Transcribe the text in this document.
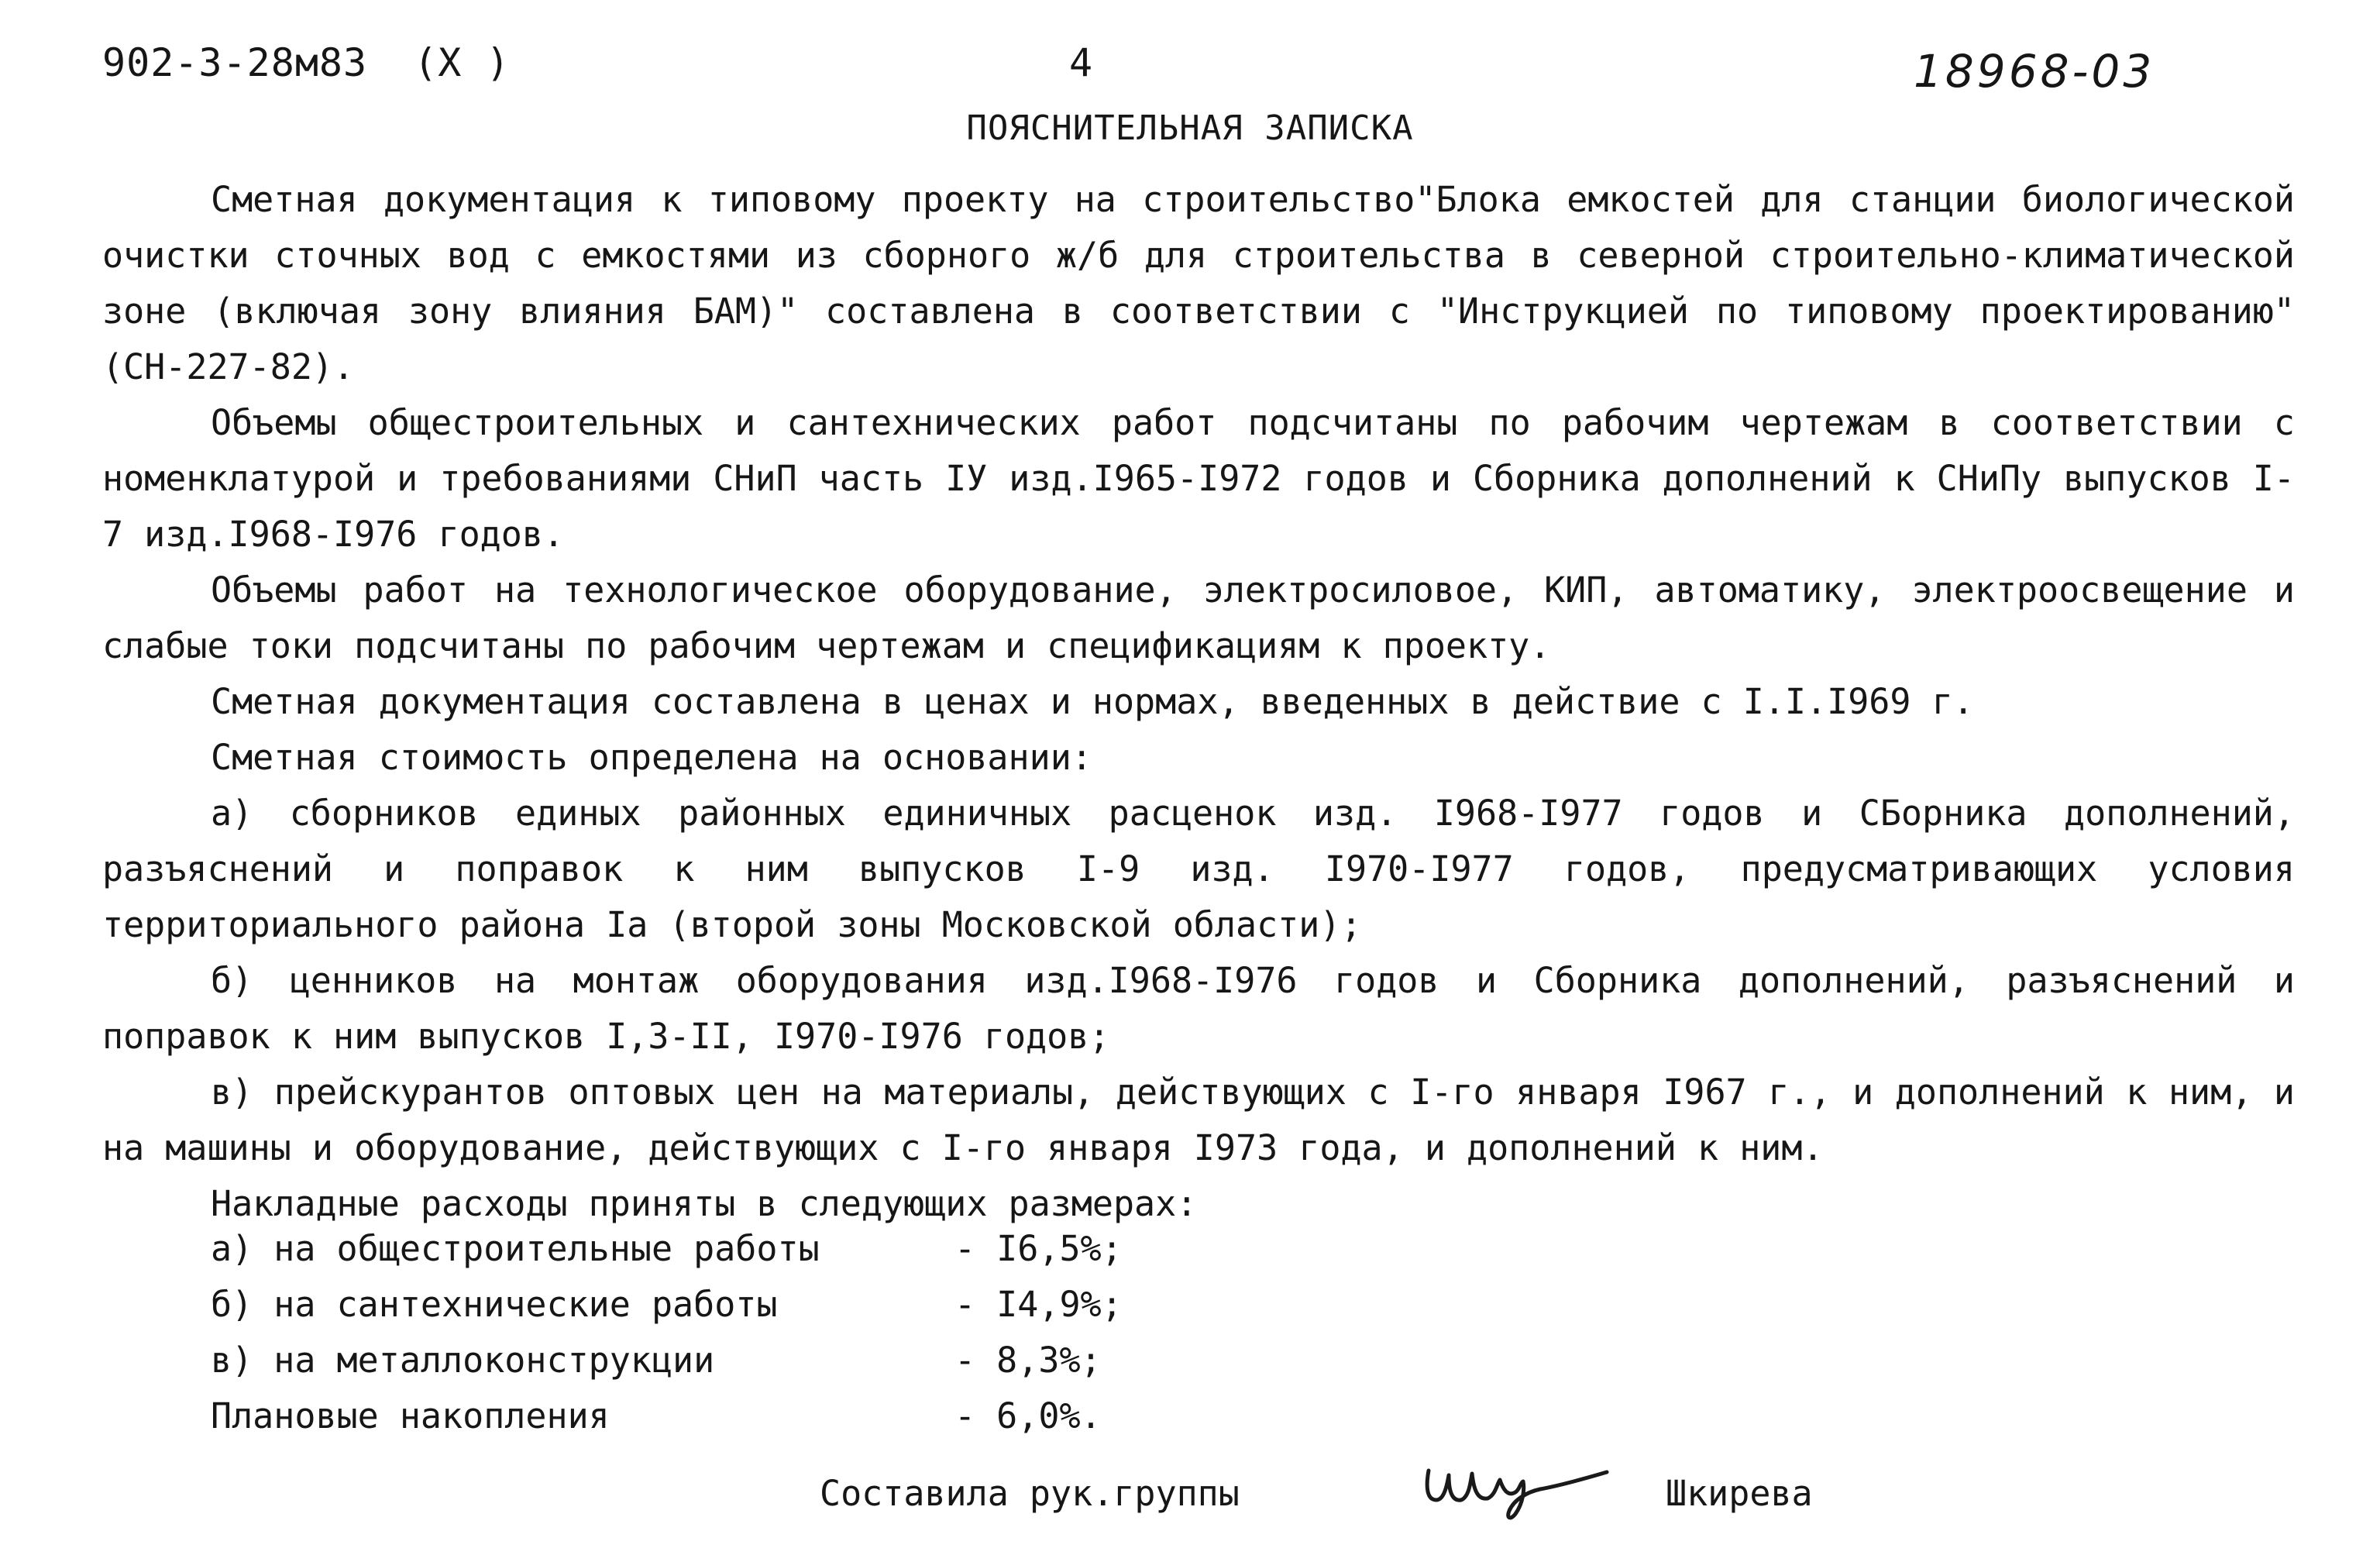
902-3-28м83 (X )	4	18968-03
ПОЯСНИТЕЛЬНАЯ ЗАПИСКА

Сметная документация к типовому проекту на строительство"Блока емкостей для станции биологической очистки сточных вод с емкостями из сборного ж/б для строительства в северной строительно-климатической зоне (включая зону влияния БАМ)" составлена в соответствии с "Инструкцией по типовому проектированию"(СН-227-82).

Объемы общестроительных и сантехнических работ подсчитаны по рабочим чертежам в соответствии с номенклатурой и требованиями СНиП часть IУ изд.I965-I972 годов и Сборника дополнений к СНиПу выпусков I-7 изд.I968-I976 годов.

Объемы работ на технологическое оборудование, электросиловое, КИП, автоматику, электроосвещение и слабые токи подсчитаны по рабочим чертежам и спецификациям к проекту.

Сметная документация составлена в ценах и нормах, введенных в действие с I.I.I969 г.

Сметная стоимость определена на основании:

а) сборников единых районных единичных расценок изд. I968-I977 годов и СБорника дополнений, разъяснений и поправок к ним выпусков I-9 изд. I970-I977 годов, предусматривающих условия территориального района Iа (второй зоны Московской области);

б) ценников на монтаж оборудования изд.I968-I976 годов и Сборника дополнений, разъяснений и поправок к ним выпусков I,3-II, I970-I976 годов;

в) прейскурантов оптовых цен на материалы, действующих с I-го января I967 г., и дополнений к ним, и на машины и оборудование, действующих с I-го января I973 года, и дополнений к ним.

Накладные расходы приняты в следующих размерах:

а) на общестроительные работы	- I6,5%;
б) на сантехнические работы	- I4,9%;
в) на металлоконструкции	- 8,3%;
Плановые накопления	- 6,0%.
Составила рук.группы	Шкирева
